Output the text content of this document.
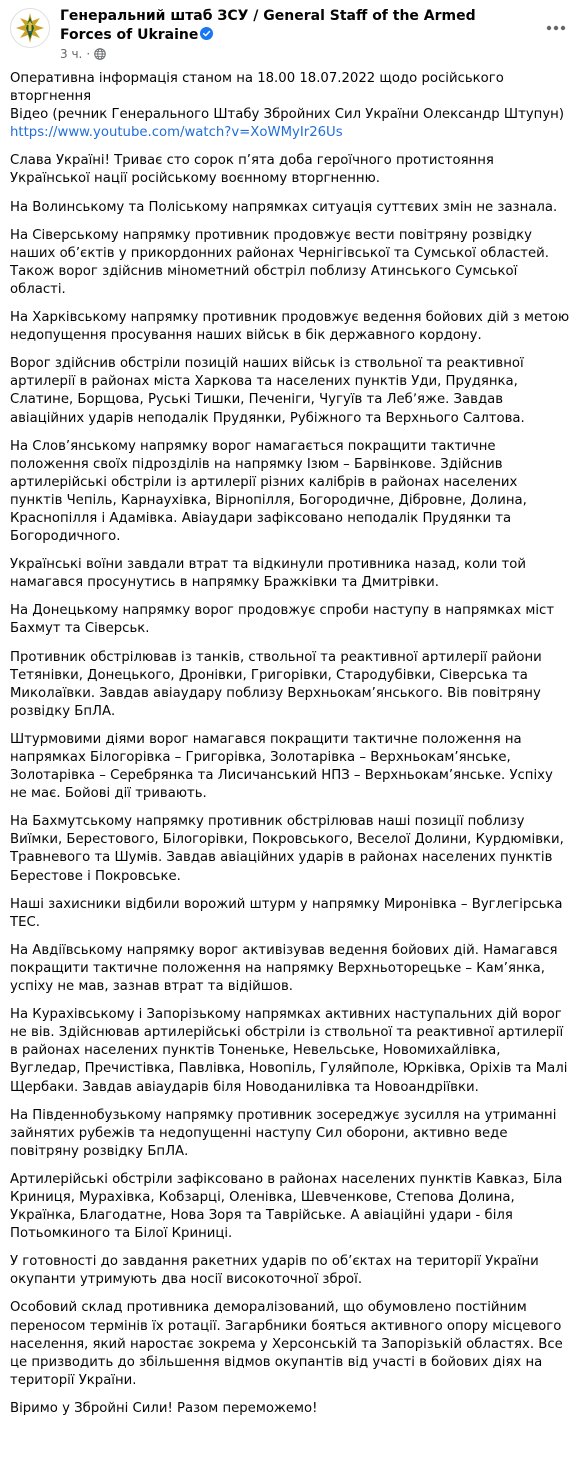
Генеральний штаб ЗСУ / General Staff of the Armed Forces of Ukraine
3 ч. ·

Оперативна інформація станом на 18.00 18.07.2022 щодо російського вторгнення
Відео (речник Генерального Штабу Збройних Сил України Олександр Штупун)
https://www.youtube.com/watch?v=XoWMyIr26Us

Слава Україні! Триває сто сорок п’ята доба героїчного протистояння Української нації російському воєнному вторгненню.

На Волинському та Поліському напрямках ситуація суттєвих змін не зазнала.

На Сіверському напрямку противник продовжує вести повітряну розвідку наших об’єктів у прикордонних районах Чернігівської та Сумської областей. Також ворог здійснив мінометний обстріл поблизу Атинського Сумської області.

На Харківському напрямку противник продовжує ведення бойових дій з метою недопущення просування наших військ в бік державного кордону.

Ворог здійснив обстріли позицій наших військ із ствольної та реактивної артилерії в районах міста Харкова та населених пунктів Уди, Прудянка, Слатине, Борщова, Руські Тишки, Печеніги, Чугуїв та Лебʼяже. Завдав авіаційних ударів неподалік Прудянки, Рубіжного та Верхнього Салтова.

На Слов’янському напрямку ворог намагається покращити тактичне положення своїх підрозділів на напрямку Ізюм – Барвінкове. Здійснив артилерійські обстріли із артилерії різних калібрів в районах населених пунктів Чепіль, Карнаухівка, Вірнопілля, Богородичне, Дібровне, Долина, Краснопілля і Адамівка. Авіаудари зафіксовано неподалік Прудянки та Богородичного.

Українські воїни завдали втрат та відкинули противника назад, коли той намагався просунутись в напрямку Бражківки та Дмитрівки.

На Донецькому напрямку ворог продовжує спроби наступу в напрямках міст Бахмут та Сіверськ.

Противник обстрілював із танків, ствольної та реактивної артилерії райони Тетянівки, Донецького, Дронівки, Григорівки, Стародубівки, Сіверська та Миколаївки. Завдав авіаудару поблизу Верхньокам’янського. Вів повітряну розвідку БпЛА.

Штурмовими діями ворог намагався покращити тактичне положення на напрямках Білогорівка – Григорівка, Золотарівка – Верхньокам’янське, Золотарівка – Серебрянка та Лисичанський НПЗ – Верхньокам’янське. Успіху не має. Бойові дії тривають.

На Бахмутському напрямку противник обстрілював наші позиції поблизу Виїмки, Берестового, Білогорівки, Покровського, Веселої Долини, Курдюмівки, Травневого та Шумів. Завдав авіаційних ударів в районах населених пунктів Берестове і Покровське.

Наші захисники відбили ворожий штурм у напрямку Миронівка – Вуглегірська ТЕС.

На Авдіївському напрямку ворог активізував ведення бойових дій. Намагався покращити тактичне положення на напрямку Верхньоторецьке – Кам’янка, успіху не мав, зазнав втрат та відійшов.

На Курахівському і Запорізькому напрямках активних наступальних дій ворог не вів. Здійснював артилерійські обстріли із ствольної та реактивної артилерії в районах населених пунктів Тоненьке, Невельське, Новомихайлівка, Вугледар, Пречистівка, Павлівка, Новопіль, Гуляйполе, Юрківка, Оріхів та Малі Щербаки. Завдав авіаударів біля Новоданилівка та Новоандріївки.

На Південнобузькому напрямку противник зосереджує зусилля на утриманні зайнятих рубежів та недопущенні наступу Сил оборони, активно веде повітряну розвідку БпЛА.

Артилерійські обстріли зафіксовано в районах населених пунктів Кавказ, Біла Криниця, Мурахівка, Кобзарці, Оленівка, Шевченкове, Степова Долина, Українка, Благодатне, Нова Зоря та Таврійське. А авіаційні удари - біля Потьомкиного та Білої Криниці.

У готовності до завдання ракетних ударів по об’єктах на території України окупанти утримують два носії високоточної зброї.

Особовий склад противника деморалізований, що обумовлено постійним переносом термінів їх ротації. Загарбники бояться активного опору місцевого населення, який наростає зокрема у Херсонській та Запорізькій областях. Все це призводить до збільшення відмов окупантів від участі в бойових діях на території України.

Віримо у Збройні Сили! Разом переможемо!
